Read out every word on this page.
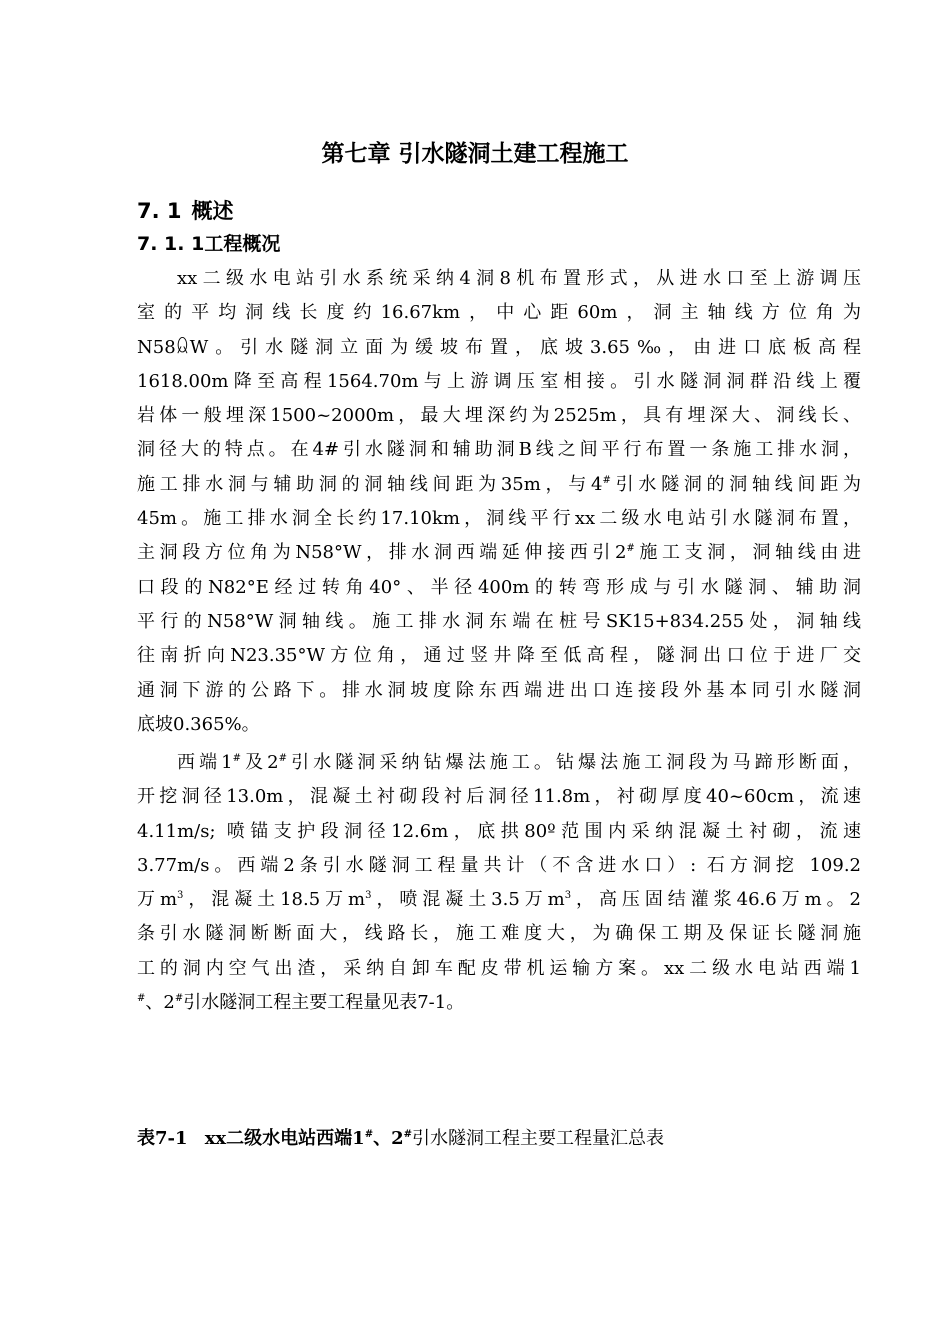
第七章 引水隧洞土建工程施工
7. 1 概述
7. 1. 1工程概况
xx二级水电站引水系统采纳4洞8机布置形式，从进水口至上游调压
室的平均洞线长度约16.67km，中心距60m，洞主轴线方位角为
N58ꆰW。引水隧洞立面为缓坡布置，底坡3.65‰，由进口底板高程
1618.00m降至高程1564.70m与上游调压室相接。引水隧洞洞群沿线上覆
岩体一般埋深1500~2000m，最大埋深约为2525m，具有埋深大、洞线长、
洞径大的特点。在4#引水隧洞和辅助洞B线之间平行布置一条施工排水洞，
施工排水洞与辅助洞的洞轴线间距为35m，与4#引水隧洞的洞轴线间距为
45m。施工排水洞全长约17.10km，洞线平行xx二级水电站引水隧洞布置，
主洞段方位角为N58°W，排水洞西端延伸接西引2#施工支洞，洞轴线由进
口段的N82°E经过转角40°、半径400m的转弯形成与引水隧洞、辅助洞
平行的N58°W洞轴线。施工排水洞东端在桩号SK15+834.255处，洞轴线
往南折向N23.35°W方位角，通过竖井降至低高程，隧洞出口位于进厂交
通洞下游的公路下。排水洞坡度除东西端进出口连接段外基本同引水隧洞
底坡0.365%。
西端1#及2#引水隧洞采纳钻爆法施工。钻爆法施工洞段为马蹄形断面，
开挖洞径13.0m，混凝土衬砌段衬后洞径11.8m，衬砌厚度40~60cm，流速
4.11m/s; 喷锚支护段洞径12.6m，底拱80º范围内采纳混凝土衬砌，流速
3.77m/s。西端2条引水隧洞工程量共计（不含进水口）: 石方洞挖 109.2
万$m^3$，混凝土18.5万$m^3$，喷混凝土3.5万$m^3$，高压固结灌浆46.6万m。2
条引水隧洞断断面大，线路长，施工难度大，为确保工期及保证长隧洞施
工的洞内空气出渣，采纳自卸车配皮带机运输方案。xx二级水电站西端1
#、2#引水隧洞工程主要工程量见表7-1。
表7-1 xx二级水电站西端1#、2#引水隧洞工程主要工程量汇总表
